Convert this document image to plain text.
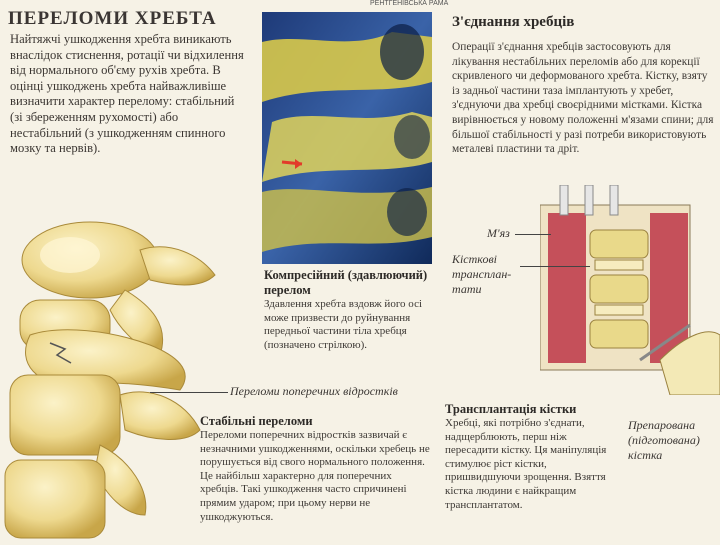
ПЕРЕЛОМИ ХРЕБТА
Найтяжчі ушкодження хребта виникають внаслідок стиснення, ротації чи відхилення від нормального об'єму рухів хребта. В оцінці ушкоджень хребта найважливіше визначити характер перелому: стабільний (зі збереженням рухомості) або нестабільний (з ушкодженням спинного мозку та нервів).
РЕНТГЕНІВСЬКА РАМА
Компресійний (здавлюючий) перелом
Здавлення хребта вздовж його осі може призвести до руйнування передньої частини тіла хребця (позначено стрілкою).
Переломи поперечних відростків
Стабільні переломи
Переломи поперечних відростків зазвичай є незначними ушкодженнями, оскільки хребець не порушується від свого нормального положення. Це найбільш характерно для поперечних хребців. Такі ушкодження часто спричинені прямим ударом; при цьому нерви не ушкоджуються.
З'єднання хребців
Операції з'єднання хребців застосовують для лікування нестабільних переломів або для корекції скривленого чи деформованого хребта. Кістку, взяту із задньої частини таза імплантують у хребет, з'єднуючи два хребці своєрідними містками. Кістка вирівнюється у новому положенні м'язами спини; для більшої стабільності у разі потреби використовують металеві пластини та дріт.
М'яз
Кісткові трансплан-тати
Препарована (підготована) кістка
Трансплантація кістки
Хребці, які потрібно з'єднати, надщерблюють, перш ніж пересадити кістку. Ця маніпуляція стимулює ріст кістки, пришвидшуючи зрощення. Взяття кістка людини є найкращим трансплантатом.
